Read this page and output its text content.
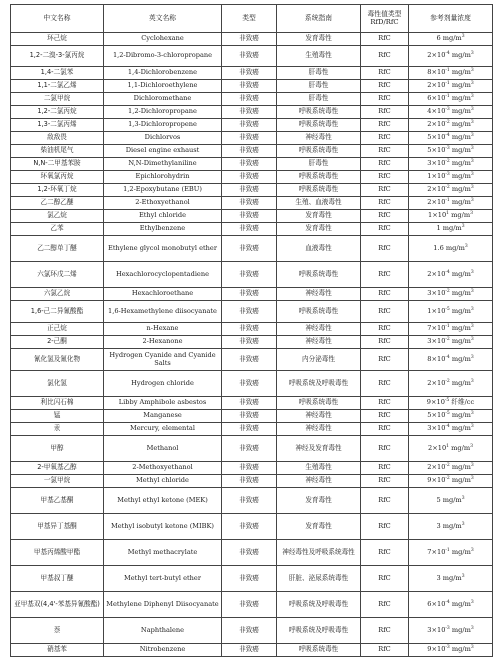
中文名称	英文名称	类型	系统指南	毒性值类型 RfD/RfC	参考剂量浓度
环己烷	Cyclohexane	非致癌	发育毒性	RfC	6 $mg/m^3$
1,2-二溴-3-氯丙烷	1,2-Dibromo-3-chloropropane	非致癌	生殖毒性	RfC	$2\times 10^{-4}$ $mg/m^3$
1,4-二氯苯	1,4-Dichlorobenzene	非致癌	肝毒性	RfC	$8\times 10^{-1}$ $mg/m^3$
1,1-二氯乙烯	1,1-Dichloroethylene	非致癌	肝毒性	RfC	$2\times 10^{-1}$ $mg/m^3$
二氯甲烷	Dichloromethane	非致癌	肝毒性	RfC	$6\times 10^{-1}$ $mg/m^3$
1,2-二氯丙烷	1,2-Dichloropropane	非致癌	呼吸系统毒性	RfC	$4\times 10^{-3}$ $mg/m^3$
1,3-二氯丙烯	1,3-Dichloropropene	非致癌	呼吸系统毒性	RfC	$2\times 10^{-2}$ $mg/m^3$
敌敌畏	Dichlorvos	非致癌	神经毒性	RfC	$5\times 10^{-4}$ $mg/m^3$
柴油机尾气	Diesel engine exhaust	非致癌	呼吸系统毒性	RfC	$5\times 10^{-3}$ $mg/m^3$
N,N-二甲基苯胺	N,N-Dimethylaniline	非致癌	肝毒性	RfC	$3\times 10^{-2}$ $mg/m^3$
环氧氯丙烷	Epichlorohydrin	非致癌	呼吸系统毒性	RfC	$1\times 10^{-3}$ $mg/m^3$
1,2-环氧丁烷	1,2-Epoxybutane (EBU)	非致癌	呼吸系统毒性	RfC	$2\times 10^{-2}$ $mg/m^3$
乙二醇乙醚	2-Ethoxyethanol	非致癌	生殖、血液毒性	RfC	$2\times 10^{-1}$ $mg/m^3$
氯乙烷	Ethyl chloride	非致癌	发育毒性	RfC	$1\times 10^1$ $mg/m^3$
乙苯	Ethylbenzene	非致癌	发育毒性	RfC	1 $mg/m^3$
乙二醇单丁醚	Ethylene glycol monobutyl ether	非致癌	血液毒性	RfC	1.6 $mg/m^3$
六氯环戊二烯	Hexachlorocyclopentadiene	非致癌	呼吸系统毒性	RfC	$2\times 10^{-4}$ $mg/m^3$
六氯乙烷	Hexachloroethane	非致癌	神经毒性	RfC	$3\times 10^{-2}$ $mg/m^3$
1,6-己二异氰酸酯	1,6-Hexamethylene diisocyanate	非致癌	呼吸系统毒性	RfC	$1\times 10^{-5}$ $mg/m^3$
正己烷	n-Hexane	非致癌	神经毒性	RfC	$7\times 10^{-1}$ $mg/m^3$
2-己酮	2-Hexanone	非致癌	神经毒性	RfC	$3\times 10^{-2}$ $mg/m^3$
氰化氢及氰化物	Hydrogen Cyanide and Cyanide Salts	非致癌	内分泌毒性	RfC	$8\times 10^{-4}$ $mg/m^3$
氯化氢	Hydrogen chloride	非致癌	呼吸系统及呼吸毒性	RfC	$2\times 10^{-2}$ $mg/m^3$
利比闪石棉	Libby Amphibole asbestos	非致癌	呼吸系统毒性	RfC	$9\times 10^{-5}$ 纤维/cc
锰	Manganese	非致癌	神经毒性	RfC	$5\times 10^{-5}$ $mg/m^3$
汞	Mercury, elemental	非致癌	神经毒性	RfC	$3\times 10^{-4}$ $mg/m^3$
甲醇	Methanol	非致癌	神经及发育毒性	RfC	$2\times 10^1$ $mg/m^3$
2-甲氧基乙醇	2-Methoxyethanol	非致癌	生殖毒性	RfC	$2\times 10^{-2}$ $mg/m^3$
一氯甲烷	Methyl chloride	非致癌	神经毒性	RfC	$9\times 10^{-2}$ $mg/m^3$
甲基乙基酮	Methyl ethyl ketone (MEK)	非致癌	发育毒性	RfC	5 $mg/m^3$
甲基异丁基酮	Methyl isobutyl ketone (MIBK)	非致癌	发育毒性	RfC	3 $mg/m^3$
甲基丙烯酸甲酯	Methyl methacrylate	非致癌	神经毒性及呼吸系统毒性	RfC	$7\times 10^{-1}$ $mg/m^3$
甲基叔丁醚	Methyl tert-butyl ether	非致癌	肝脏、泌尿系统毒性	RfC	3 $mg/m^3$
亚甲基双(4,4'-苯基异氰酸酯)	Methylene Diphenyl Diisocyanate	非致癌	呼吸系统及呼吸毒性	RfC	$6\times 10^{-4}$ $mg/m^3$
萘	Naphthalene	非致癌	呼吸系统及呼吸毒性	RfC	$3\times 10^{-3}$ $mg/m^3$
硝基苯	Nitrobenzene	非致癌	呼吸系统毒性	RfC	$9\times 10^{-3}$ $mg/m^3$
